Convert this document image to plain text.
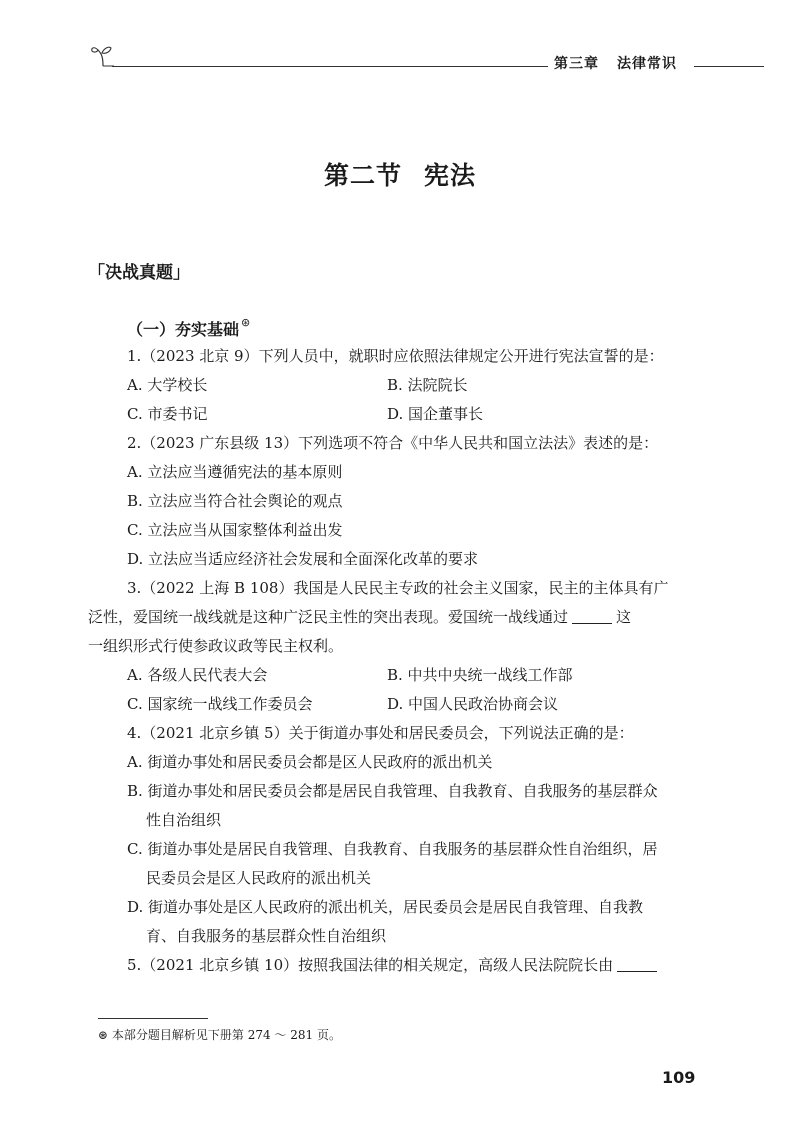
第三章 法律常识
第二节 宪法
「决战真题」
（一）夯实基础 ⊛
1.（2023 北京 9）下列人员中，就职时应依照法律规定公开进行宪法宣誓的是：
A. 大学校长	B. 法院院长
C. 市委书记	D. 国企董事长
2.（2023 广东县级 13）下列选项不符合《中华人民共和国立法法》表述的是：
A. 立法应当遵循宪法的基本原则
B. 立法应当符合社会舆论的观点
C. 立法应当从国家整体利益出发
D. 立法应当适应经济社会发展和全面深化改革的要求
3.（2022 上海 B 108）我国是人民民主专政的社会主义国家，民主的主体具有广
泛性，爱国统一战线就是这种广泛民主性的突出表现。爱国统一战线通过	这
一组织形式行使参政议政等民主权利。
A. 各级人民代表大会	B. 中共中央统一战线工作部
C. 国家统一战线工作委员会	D. 中国人民政治协商会议
4.（2021 北京乡镇 5）关于街道办事处和居民委员会，下列说法正确的是：
A. 街道办事处和居民委员会都是区人民政府的派出机关
B. 街道办事处和居民委员会都是居民自我管理、自我教育、自我服务的基层群众
性自治组织
C. 街道办事处是居民自我管理、自我教育、自我服务的基层群众性自治组织，居
民委员会是区人民政府的派出机关
D. 街道办事处是区人民政府的派出机关，居民委员会是居民自我管理、自我教
育、自我服务的基层群众性自治组织
5.（2021 北京乡镇 10）按照我国法律的相关规定，高级人民法院院长由
⊛ 本部分题目解析见下册第 274 ～ 281 页。
109
